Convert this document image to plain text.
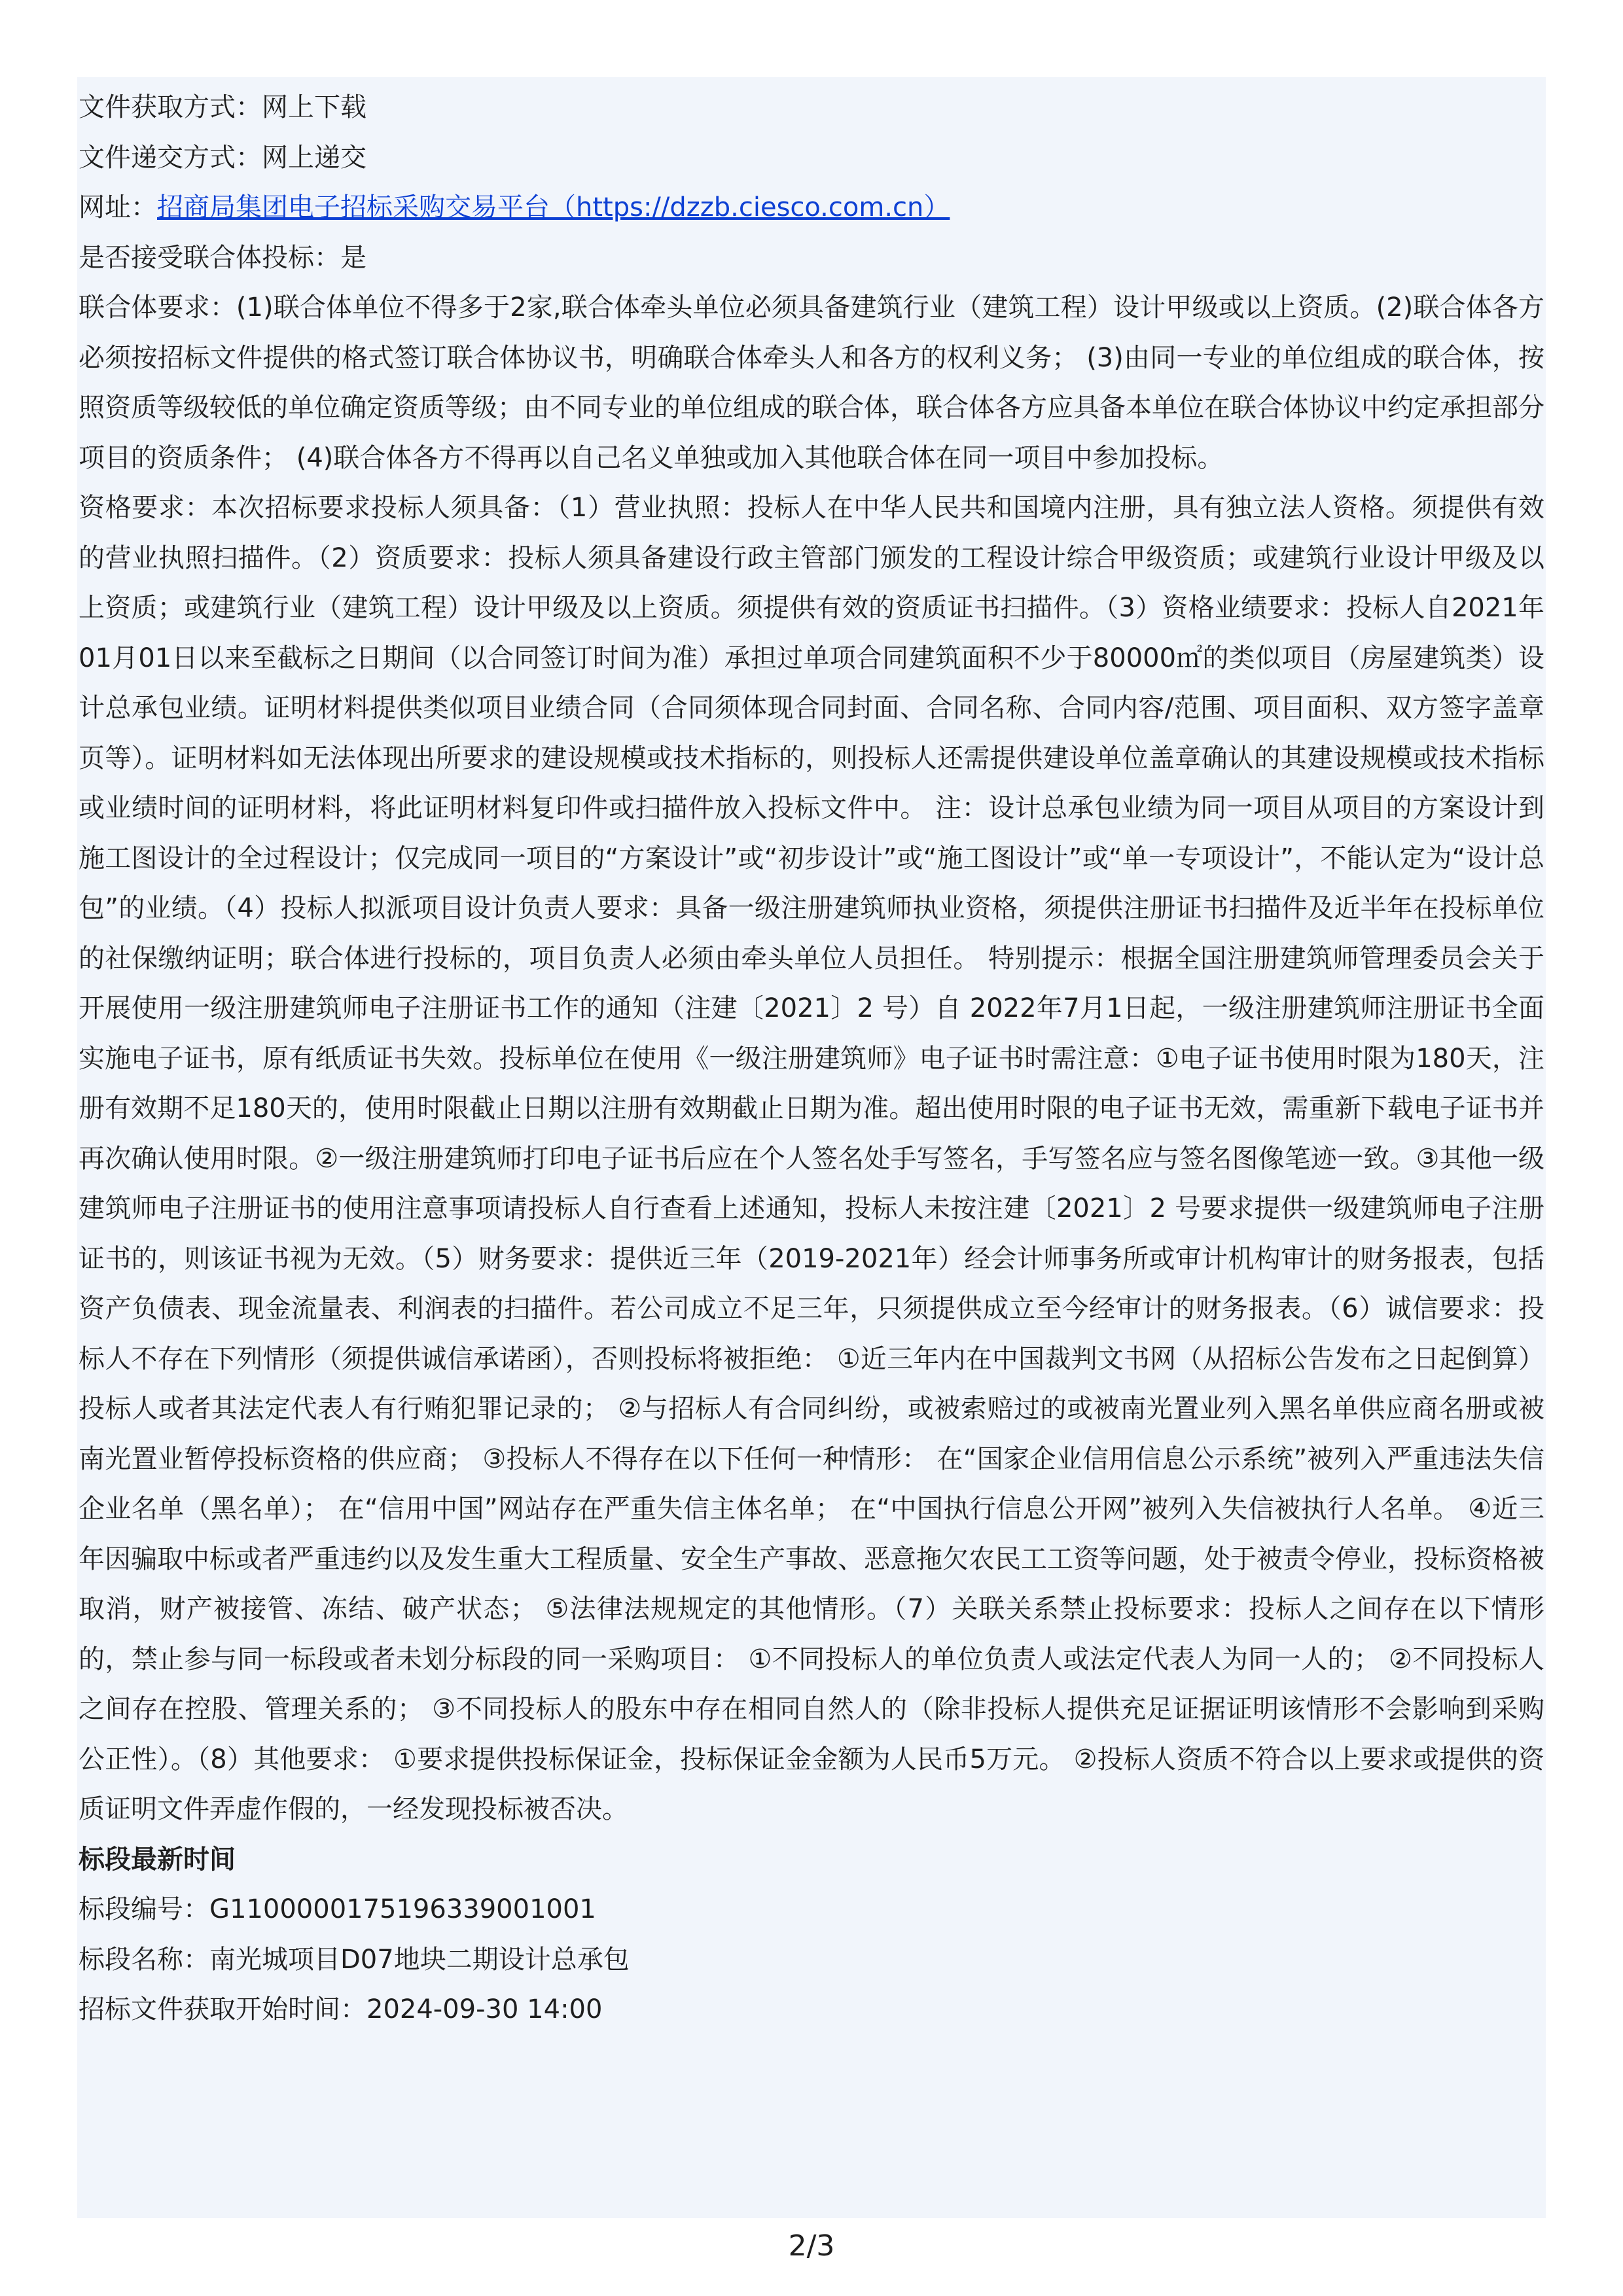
文件获取方式：网上下载
文件递交方式：网上递交
网址：招商局集团电子招标采购交易平台（https://dzzb.ciesco.com.cn）
是否接受联合体投标：是
联合体要求：(1)联合体单位不得多于2家,联合体牵头单位必须具备建筑行业（建筑工程）设计甲级或以上资质。(2)联合体各方必须按招标文件提供的格式签订联合体协议书，明确联合体牵头人和各方的权利义务； (3)由同一专业的单位组成的联合体，按照资质等级较低的单位确定资质等级；由不同专业的单位组成的联合体，联合体各方应具备本单位在联合体协议中约定承担部分项目的资质条件； (4)联合体各方不得再以自己名义单独或加入其他联合体在同一项目中参加投标。
资格要求：本次招标要求投标人须具备：（1）营业执照：投标人在中华人民共和国境内注册，具有独立法人资格。须提供有效的营业执照扫描件。（2）资质要求：投标人须具备建设行政主管部门颁发的工程设计综合甲级资质；或建筑行业设计甲级及以上资质；或建筑行业（建筑工程）设计甲级及以上资质。须提供有效的资质证书扫描件。（3）资格业绩要求：投标人自2021年01月01日以来至截标之日期间（以合同签订时间为准）承担过单项合同建筑面积不少于80000㎡的类似项目（房屋建筑类）设计总承包业绩。证明材料提供类似项目业绩合同（合同须体现合同封面、合同名称、合同内容/范围、项目面积、双方签字盖章页等）。证明材料如无法体现出所要求的建设规模或技术指标的，则投标人还需提供建设单位盖章确认的其建设规模或技术指标或业绩时间的证明材料，将此证明材料复印件或扫描件放入投标文件中。 注：设计总承包业绩为同一项目从项目的方案设计到施工图设计的全过程设计；仅完成同一项目的“方案设计”或“初步设计”或“施工图设计”或“单一专项设计”，不能认定为“设计总包”的业绩。（4）投标人拟派项目设计负责人要求：具备一级注册建筑师执业资格，须提供注册证书扫描件及近半年在投标单位的社保缴纳证明；联合体进行投标的，项目负责人必须由牵头单位人员担任。 特别提示：根据全国注册建筑师管理委员会关于开展使用一级注册建筑师电子注册证书工作的通知（注建〔2021〕2 号）自 2022年7月1日起，一级注册建筑师注册证书全面实施电子证书，原有纸质证书失效。投标单位在使用《一级注册建筑师》电子证书时需注意：①电子证书使用时限为180天，注册有效期不足180天的，使用时限截止日期以注册有效期截止日期为准。超出使用时限的电子证书无效，需重新下载电子证书并再次确认使用时限。②一级注册建筑师打印电子证书后应在个人签名处手写签名，手写签名应与签名图像笔迹一致。③其他一级建筑师电子注册证书的使用注意事项请投标人自行查看上述通知，投标人未按注建〔2021〕2 号要求提供一级建筑师电子注册证书的，则该证书视为无效。（5）财务要求：提供近三年（2019-2021年）经会计师事务所或审计机构审计的财务报表，包括资产负债表、现金流量表、利润表的扫描件。若公司成立不足三年，只须提供成立至今经审计的财务报表。（6）诚信要求：投标人不存在下列情形（须提供诚信承诺函），否则投标将被拒绝： ①近三年内在中国裁判文书网（从招标公告发布之日起倒算）投标人或者其法定代表人有行贿犯罪记录的； ②与招标人有合同纠纷，或被索赔过的或被南光置业列入黑名单供应商名册或被南光置业暂停投标资格的供应商； ③投标人不得存在以下任何一种情形： 在“国家企业信用信息公示系统”被列入严重违法失信企业名单（黑名单）； 在“信用中国”网站存在严重失信主体名单； 在“中国执行信息公开网”被列入失信被执行人名单。 ④近三年因骗取中标或者严重违约以及发生重大工程质量、安全生产事故、恶意拖欠农民工工资等问题，处于被责令停业，投标资格被取消，财产被接管、冻结、破产状态； ⑤法律法规规定的其他情形。（7）关联关系禁止投标要求：投标人之间存在以下情形的，禁止参与同一标段或者未划分标段的同一采购项目： ①不同投标人的单位负责人或法定代表人为同一人的； ②不同投标人之间存在控股、管理关系的； ③不同投标人的股东中存在相同自然人的（除非投标人提供充足证据证明该情形不会影响到采购公正性）。（8）其他要求： ①要求提供投标保证金，投标保证金金额为人民币5万元。 ②投标人资质不符合以上要求或提供的资质证明文件弄虚作假的，一经发现投标被否决。
标段最新时间
标段编号：G110000017519633900100​1
标段名称：南光城项目D07地块二期设计总承包
招标文件获取开始时间：2024-09-30 14:00
2/3
